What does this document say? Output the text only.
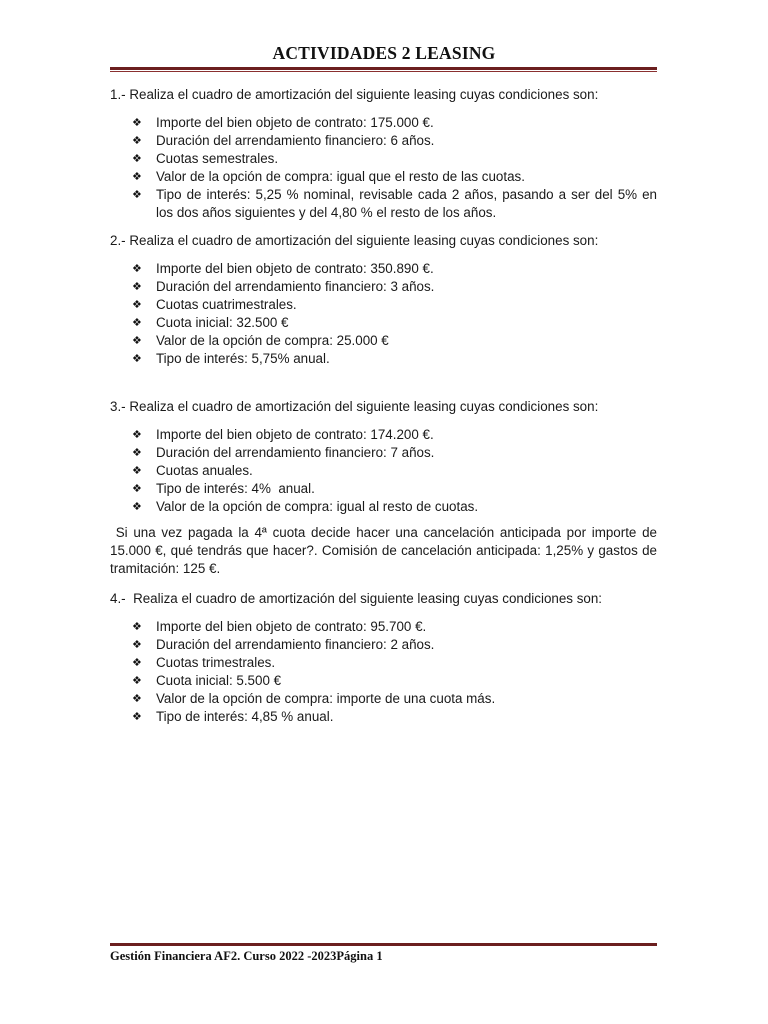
ACTIVIDADES 2 LEASING

1.- Realiza el cuadro de amortización del siguiente leasing cuyas condiciones son:

❖ Importe del bien objeto de contrato: 175.000 €.
❖ Duración del arrendamiento financiero: 6 años.
❖ Cuotas semestrales.
❖ Valor de la opción de compra: igual que el resto de las cuotas.
❖ Tipo de interés: 5,25 % nominal, revisable cada 2 años, pasando a ser del 5% en los dos años siguientes y del 4,80 % el resto de los años.

2.- Realiza el cuadro de amortización del siguiente leasing cuyas condiciones son:

❖ Importe del bien objeto de contrato: 350.890 €.
❖ Duración del arrendamiento financiero: 3 años.
❖ Cuotas cuatrimestrales.
❖ Cuota inicial: 32.500 €
❖ Valor de la opción de compra: 25.000 €
❖ Tipo de interés: 5,75% anual.

3.- Realiza el cuadro de amortización del siguiente leasing cuyas condiciones son:

❖ Importe del bien objeto de contrato: 174.200 €.
❖ Duración del arrendamiento financiero: 7 años.
❖ Cuotas anuales.
❖ Tipo de interés: 4%  anual.
❖ Valor de la opción de compra: igual al resto de cuotas.

Si una vez pagada la 4ª cuota decide hacer una cancelación anticipada por importe de 15.000 €, qué tendrás que hacer?. Comisión de cancelación anticipada: 1,25% y gastos de tramitación: 125 €.

4.-  Realiza el cuadro de amortización del siguiente leasing cuyas condiciones son:

❖ Importe del bien objeto de contrato: 95.700 €.
❖ Duración del arrendamiento financiero: 2 años.
❖ Cuotas trimestrales.
❖ Cuota inicial: 5.500 €
❖ Valor de la opción de compra: importe de una cuota más.
❖ Tipo de interés: 4,85 % anual.
Gestión Financiera AF2. Curso 2022 -2023Página 1
